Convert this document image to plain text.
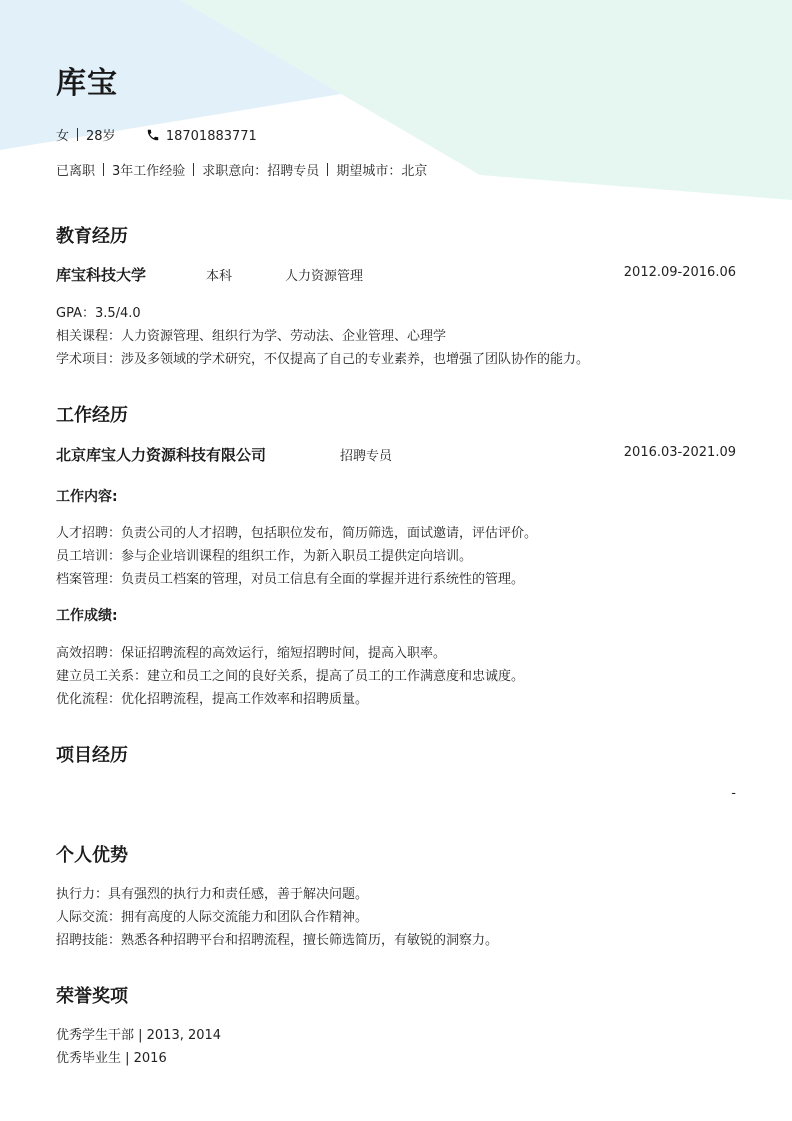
库宝
女 28岁	18701883771
已离职 3年工作经验 求职意向：招聘专员 期望城市：北京
教育经历
库宝科技大学	本科	人力资源管理	2012.09-2016.06
GPA：3.5/4.0
相关课程：人力资源管理、组织行为学、劳动法、企业管理、心理学
学术项目：涉及多领域的学术研究，不仅提高了自己的专业素养，也增强了团队协作的能力。
工作经历
北京库宝人力资源科技有限公司	招聘专员	2016.03-2021.09
工作内容:
人才招聘：负责公司的人才招聘，包括职位发布，简历筛选，面试邀请，评估评价。
员工培训：参与企业培训课程的组织工作，为新入职员工提供定向培训。
档案管理：负责员工档案的管理，对员工信息有全面的掌握并进行系统性的管理。
工作成绩:
高效招聘：保证招聘流程的高效运行，缩短招聘时间，提高入职率。
建立员工关系：建立和员工之间的良好关系，提高了员工的工作满意度和忠诚度。
优化流程：优化招聘流程，提高工作效率和招聘质量。
项目经历
-
个人优势
执行力：具有强烈的执行力和责任感，善于解决问题。
人际交流：拥有高度的人际交流能力和团队合作精神。
招聘技能：熟悉各种招聘平台和招聘流程，擅长筛选简历，有敏锐的洞察力。
荣誉奖项
优秀学生干部 | 2013, 2014
优秀毕业生 | 2016
